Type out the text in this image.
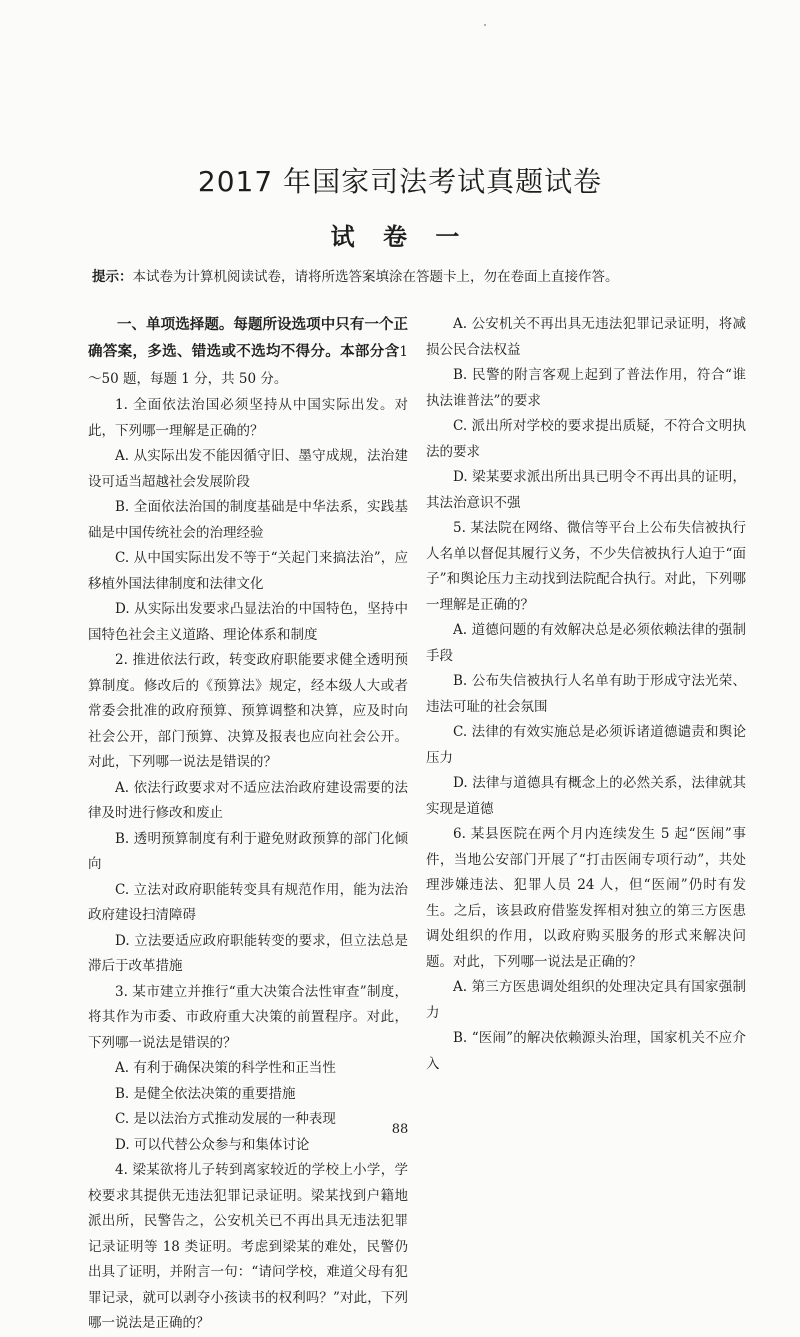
2017 年国家司法考试真题试卷
试 卷 一
提示：本试卷为计算机阅读试卷，请将所选答案填涂在答题卡上，勿在卷面上直接作答。

一、单项选择题。每题所设选项中只有一个正确答案，多选、错选或不选均不得分。本部分含1～50 题，每题 1 分，共 50 分。

1. 全面依法治国必须坚持从中国实际出发。对此，下列哪一理解是正确的？

A. 从实际出发不能因循守旧、墨守成规，法治建设可适当超越社会发展阶段

B. 全面依法治国的制度基础是中华法系，实践基础是中国传统社会的治理经验

C. 从中国实际出发不等于“关起门来搞法治”，应移植外国法律制度和法律文化

D. 从实际出发要求凸显法治的中国特色，坚持中国特色社会主义道路、理论体系和制度

2. 推进依法行政，转变政府职能要求健全透明预算制度。修改后的《预算法》规定，经本级人大或者常委会批准的政府预算、预算调整和决算，应及时向社会公开，部门预算、决算及报表也应向社会公开。对此，下列哪一说法是错误的？

A. 依法行政要求对不适应法治政府建设需要的法律及时进行修改和废止

B. 透明预算制度有利于避免财政预算的部门化倾向

C. 立法对政府职能转变具有规范作用，能为法治政府建设扫清障碍

D. 立法要适应政府职能转变的要求，但立法总是滞后于改革措施

3. 某市建立并推行“重大决策合法性审查”制度，将其作为市委、市政府重大决策的前置程序。对此，下列哪一说法是错误的？

A. 有利于确保决策的科学性和正当性

B. 是健全依法决策的重要措施

C. 是以法治方式推动发展的一种表现

D. 可以代替公众参与和集体讨论

4. 梁某欲将儿子转到离家较近的学校上小学，学校要求其提供无违法犯罪记录证明。梁某找到户籍地派出所，民警告之，公安机关已不再出具无违法犯罪记录证明等 18 类证明。考虑到梁某的难处，民警仍出具了证明，并附言一句：“请问学校，难道父母有犯罪记录，就可以剥夺小孩读书的权利吗？”对此，下列哪一说法是正确的？

A. 公安机关不再出具无违法犯罪记录证明，将减损公民合法权益

B. 民警的附言客观上起到了普法作用，符合“谁执法谁普法”的要求

C. 派出所对学校的要求提出质疑，不符合文明执法的要求

D. 梁某要求派出所出具已明令不再出具的证明，其法治意识不强

5. 某法院在网络、微信等平台上公布失信被执行人名单以督促其履行义务，不少失信被执行人迫于“面子”和舆论压力主动找到法院配合执行。对此，下列哪一理解是正确的？

A. 道德问题的有效解决总是必须依赖法律的强制手段

B. 公布失信被执行人名单有助于形成守法光荣、违法可耻的社会氛围

C. 法律的有效实施总是必须诉诸道德谴责和舆论压力

D. 法律与道德具有概念上的必然关系，法律就其实现是道德

6. 某县医院在两个月内连续发生 5 起“医闹”事件，当地公安部门开展了“打击医闹专项行动”，共处理涉嫌违法、犯罪人员 24 人，但“医闹”仍时有发生。之后，该县政府借鉴发挥相对独立的第三方医患调处组织的作用，以政府购买服务的形式来解决问题。对此，下列哪一说法是正确的？

A. 第三方医患调处组织的处理决定具有国家强制力

B. “医闹”的解决依赖源头治理，国家机关不应介入

88
